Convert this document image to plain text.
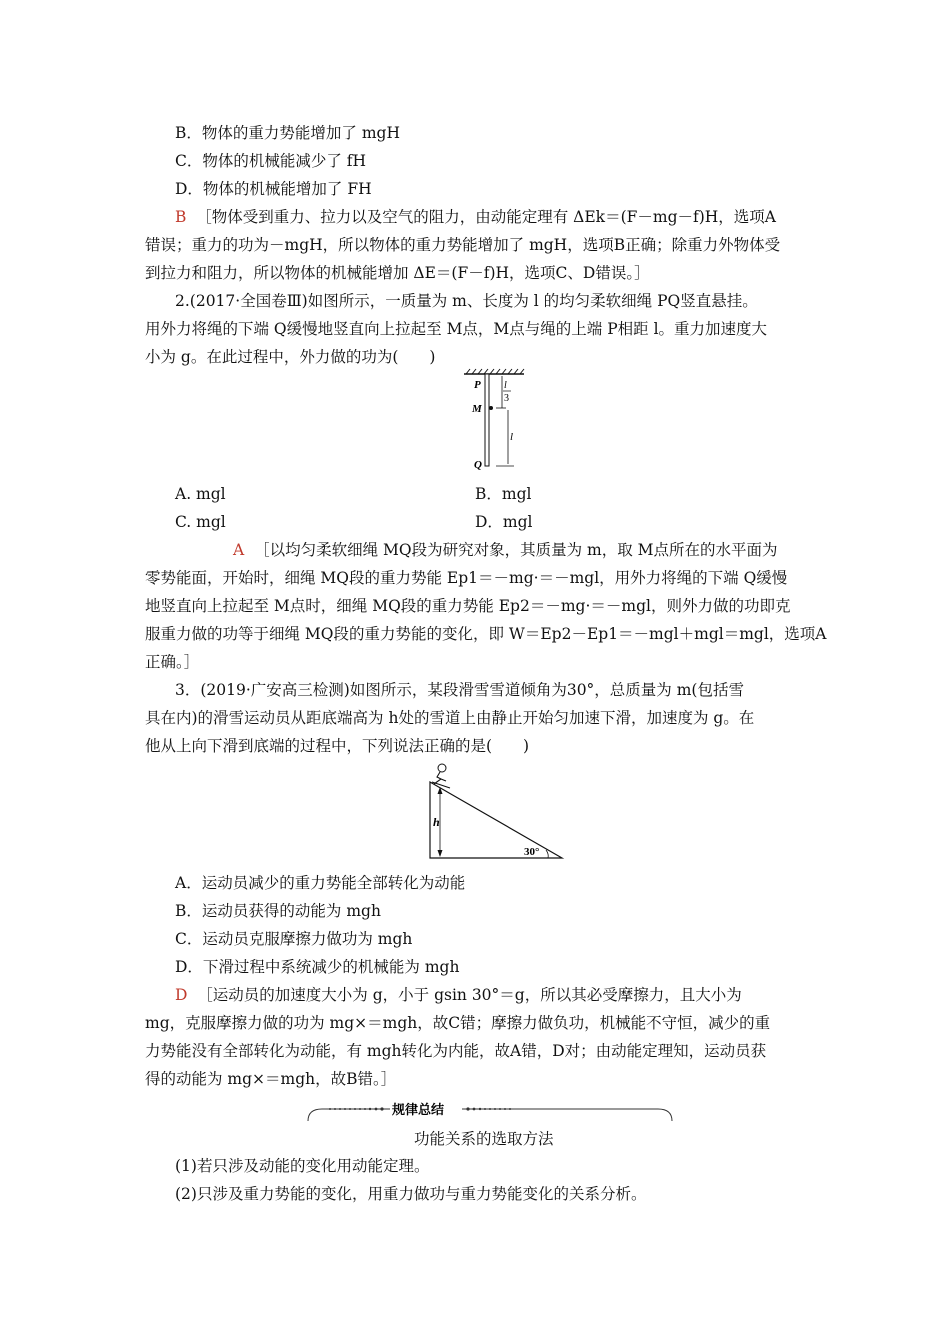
B．物体的重力势能增加了 mgH
C．物体的机械能减少了 fH
D．物体的机械能增加了 FH
B ［物体受到重力、拉力以及空气的阻力，由动能定理有 ΔEk＝(F－mg－f)H，选项A
错误；重力的功为－mgH，所以物体的重力势能增加了 mgH，选项B正确；除重力外物体受
到拉力和阻力，所以物体的机械能增加 ΔE＝(F－f)H，选项C、D错误。］
2.(2017·全国卷Ⅲ)如图所示，一质量为 m、长度为 l 的均匀柔软细绳 PQ竖直悬挂。
用外力将绳的下端 Q缓慢地竖直向上拉起至 M点，M点与绳的上端 P相距 l。重力加速度大
小为 g。在此过程中，外力做的功为(　　)
P
M
Q
l
3
l
A. mgl	B．mgl
C. mgl	D．mgl
A ［以均匀柔软细绳 MQ段为研究对象，其质量为 m，取 M点所在的水平面为
零势能面，开始时，细绳 MQ段的重力势能 Ep1＝－mg·＝－mgl，用外力将绳的下端 Q缓慢
地竖直向上拉起至 M点时，细绳 MQ段的重力势能 Ep2＝－mg·＝－mgl，则外力做的功即克
服重力做的功等于细绳 MQ段的重力势能的变化，即 W＝Ep2－Ep1＝－mgl＋mgl＝mgl，选项A
正确。］
3．(2019·广安高三检测)如图所示，某段滑雪雪道倾角为30°，总质量为 m(包括雪
具在内)的滑雪运动员从距底端高为 h处的雪道上由静止开始匀加速下滑，加速度为 g。在
他从上向下滑到底端的过程中，下列说法正确的是(　　)
h
30°
A．运动员减少的重力势能全部转化为动能
B．运动员获得的动能为 mgh
C．运动员克服摩擦力做功为 mgh
D．下滑过程中系统减少的机械能为 mgh
D ［运动员的加速度大小为 g，小于 gsin 30°＝g，所以其必受摩擦力，且大小为
mg，克服摩擦力做的功为 mg×＝mgh，故C错；摩擦力做负功，机械能不守恒，减少的重
力势能没有全部转化为动能，有 mgh转化为内能，故A错，D对；由动能定理知，运动员获
得的动能为 mg×＝mgh，故B错。］
规律总结
功能关系的选取方法
(1)若只涉及动能的变化用动能定理。
(2)只涉及重力势能的变化，用重力做功与重力势能变化的关系分析。
